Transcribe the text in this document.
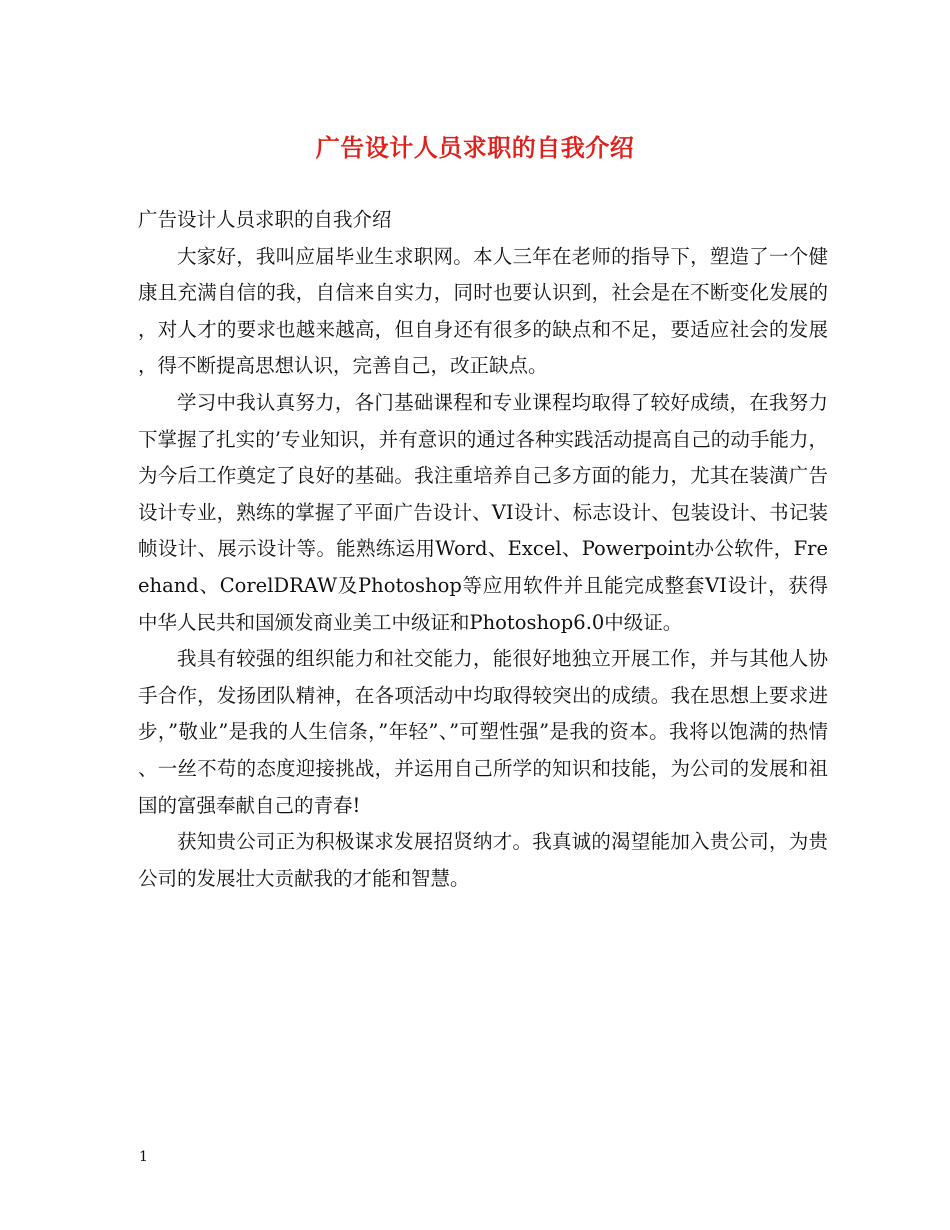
广告设计人员求职的自我介绍

广告设计人员求职的自我介绍

大家好，我叫应届毕业生求职网。本人三年在老师的指导下，塑造了一个健康且充满自信的我，自信来自实力，同时也要认识到，社会是在不断变化发展的，对人才的要求也越来越高，但自身还有很多的缺点和不足，要适应社会的发展，得不断提高思想认识，完善自己，改正缺点。

学习中我认真努力，各门基础课程和专业课程均取得了较好成绩，在我努力下掌握了扎实的’专业知识，并有意识的通过各种实践活动提高自己的动手能力，为今后工作奠定了良好的基础。我注重培养自己多方面的能力，尤其在装潢广告设计专业，熟练的掌握了平面广告设计、VI设计、标志设计、包装设计、书记装帧设计、展示设计等。能熟练运用Word、Excel、Powerpoint办公软件，Freehand、CorelDRAW及Photoshop等应用软件并且能完成整套VI设计，获得中华人民共和国颁发商业美工中级证和Photoshop6.0中级证。

我具有较强的组织能力和社交能力，能很好地独立开展工作，并与其他人协手合作，发扬团队精神，在各项活动中均取得较突出的成绩。我在思想上要求进步，”敬业”是我的人生信条，”年轻”、”可塑性强”是我的资本。我将以饱满的热情、一丝不苟的态度迎接挑战，并运用自己所学的知识和技能，为公司的发展和祖国的富强奉献自己的青春!

获知贵公司正为积极谋求发展招贤纳才。我真诚的渴望能加入贵公司，为贵公司的发展壮大贡献我的才能和智慧。

1
